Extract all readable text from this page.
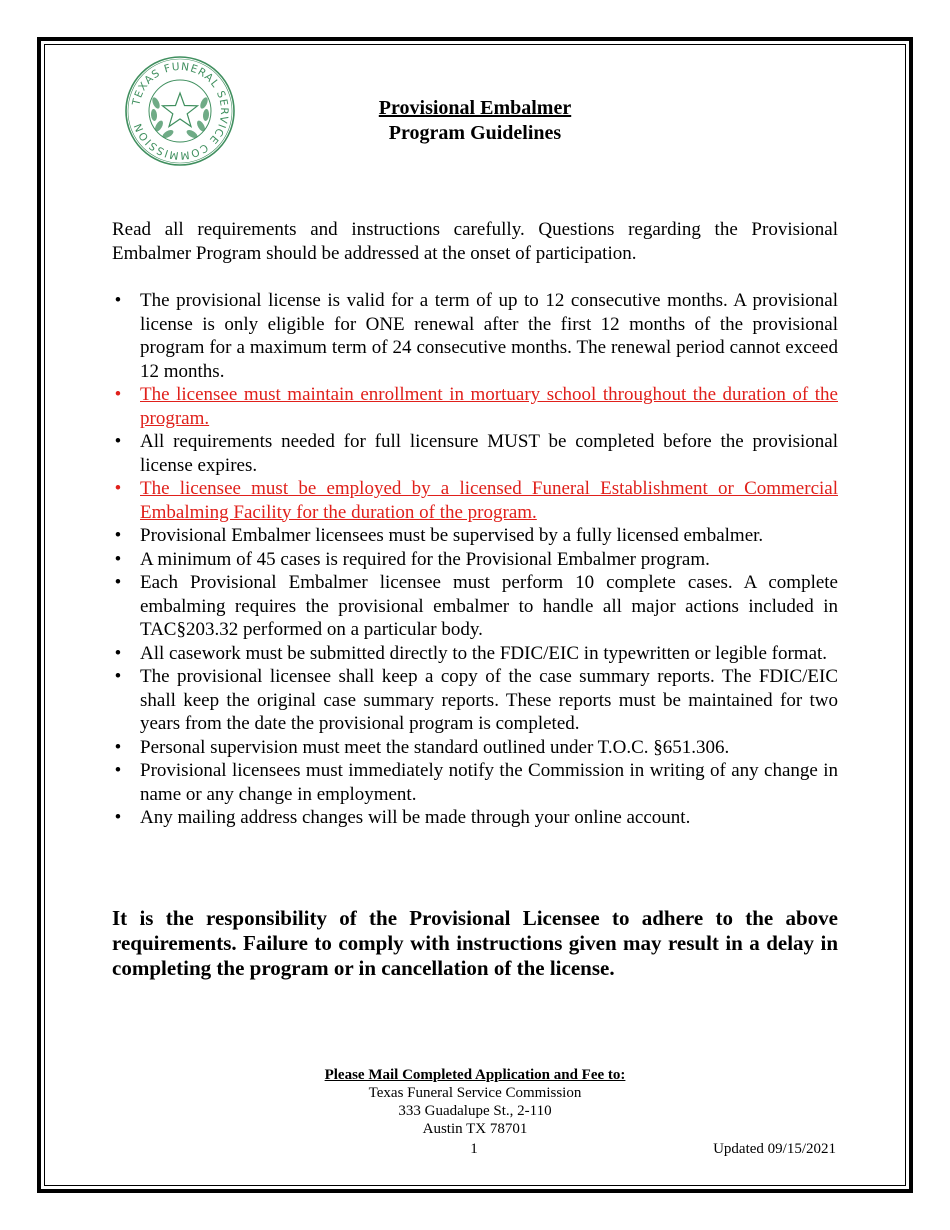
TEXAS FUNERAL SERVICE COMMISSION
Provisional Embalmer
Program Guidelines

Read all requirements and instructions carefully. Questions regarding the Provisional Embalmer Program should be addressed at the onset of participation.

• The provisional license is valid for a term of up to 12 consecutive months. A provisional license is only eligible for ONE renewal after the first 12 months of the provisional program for a maximum term of 24 consecutive months. The renewal period cannot exceed 12 months.
• The licensee must maintain enrollment in mortuary school throughout the duration of the program.
• All requirements needed for full licensure MUST be completed before the provisional license expires.
• The licensee must be employed by a licensed Funeral Establishment or Commercial Embalming Facility for the duration of the program.
• Provisional Embalmer licensees must be supervised by a fully licensed embalmer.
• A minimum of 45 cases is required for the Provisional Embalmer program.
• Each Provisional Embalmer licensee must perform 10 complete cases. A complete embalming requires the provisional embalmer to handle all major actions included in TAC§203.32 performed on a particular body.
• All casework must be submitted directly to the FDIC/EIC in typewritten or legible format.
• The provisional licensee shall keep a copy of the case summary reports. The FDIC/EIC shall keep the original case summary reports. These reports must be maintained for two years from the date the provisional program is completed.
• Personal supervision must meet the standard outlined under T.O.C. §651.306.
• Provisional licensees must immediately notify the Commission in writing of any change in name or any change in employment.
• Any mailing address changes will be made through your online account.

It is the responsibility of the Provisional Licensee to adhere to the above requirements. Failure to comply with instructions given may result in a delay in completing the program or in cancellation of the license.

Please Mail Completed Application and Fee to:
Texas Funeral Service Commission
333 Guadalupe St., 2-110
Austin TX 78701
1	Updated 09/15/2021
